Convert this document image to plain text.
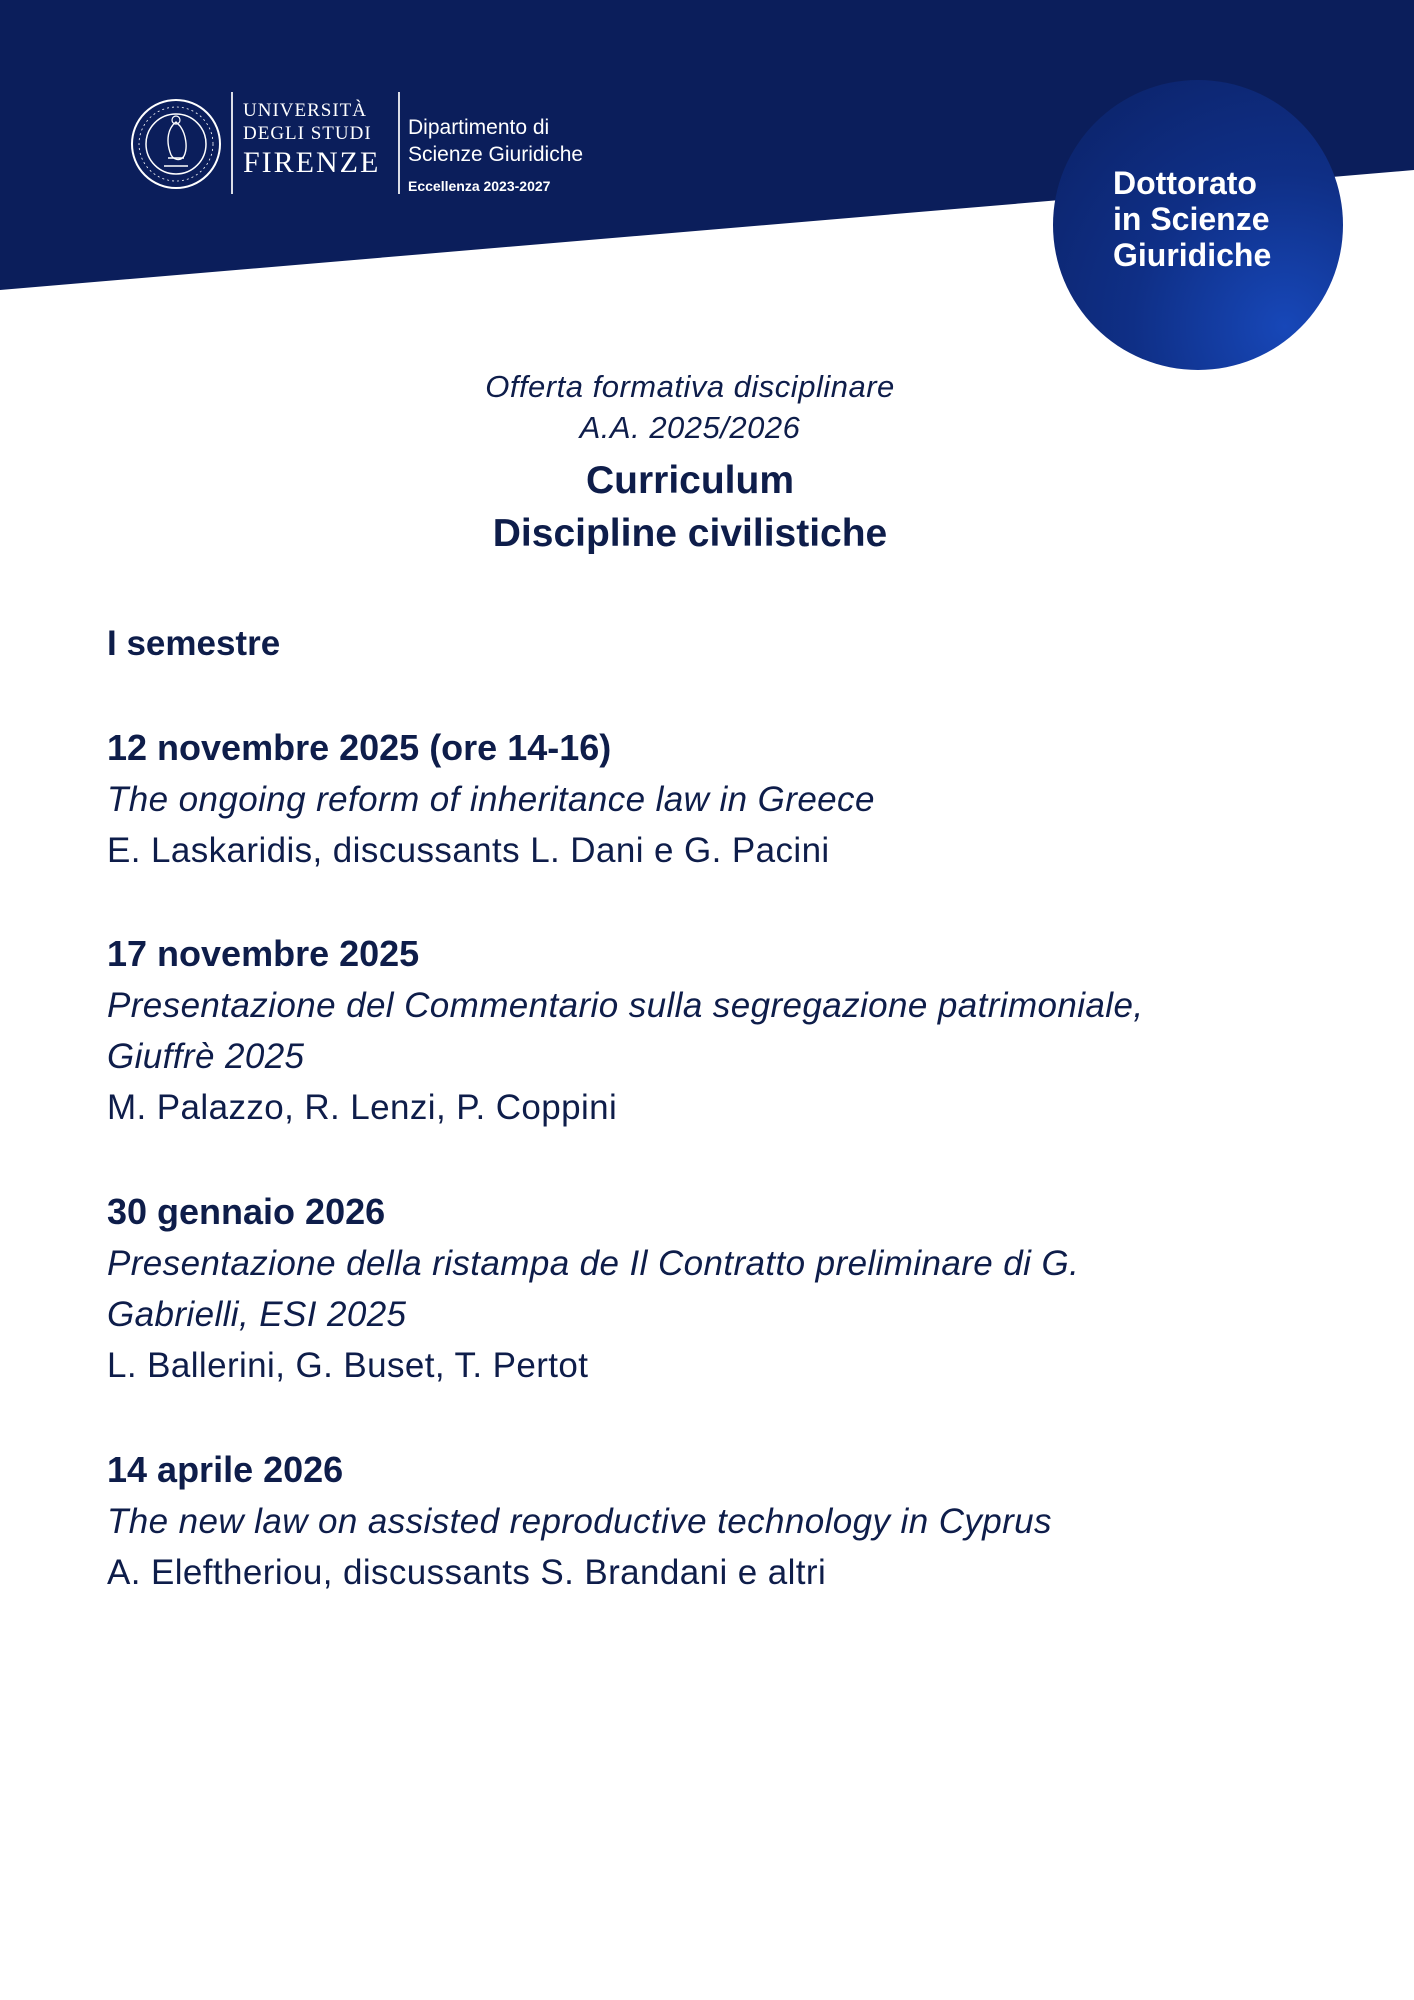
UNIVERSITÀ
DEGLI STUDI
FIRENZE
Dipartimento di
Scienze Giuridiche
Eccellenza 2023-2027	Dottorato
in Scienze
Giuridiche
Offerta formativa disciplinare
A.A. 2025/2026
Curriculum
Discipline civilistiche
I semestre
12 novembre 2025 (ore 14-16)
The ongoing reform of inheritance law in Greece
E. Laskaridis, discussants L. Dani e G. Pacini
17 novembre 2025
Presentazione del Commentario sulla segregazione patrimoniale,
Giuffrè 2025
M. Palazzo, R. Lenzi, P. Coppini
30 gennaio 2026
Presentazione della ristampa de Il Contratto preliminare di G.
Gabrielli, ESI 2025
L. Ballerini, G. Buset, T. Pertot
14 aprile 2026
The new law on assisted reproductive technology in Cyprus
A. Eleftheriou, discussants S. Brandani e altri
